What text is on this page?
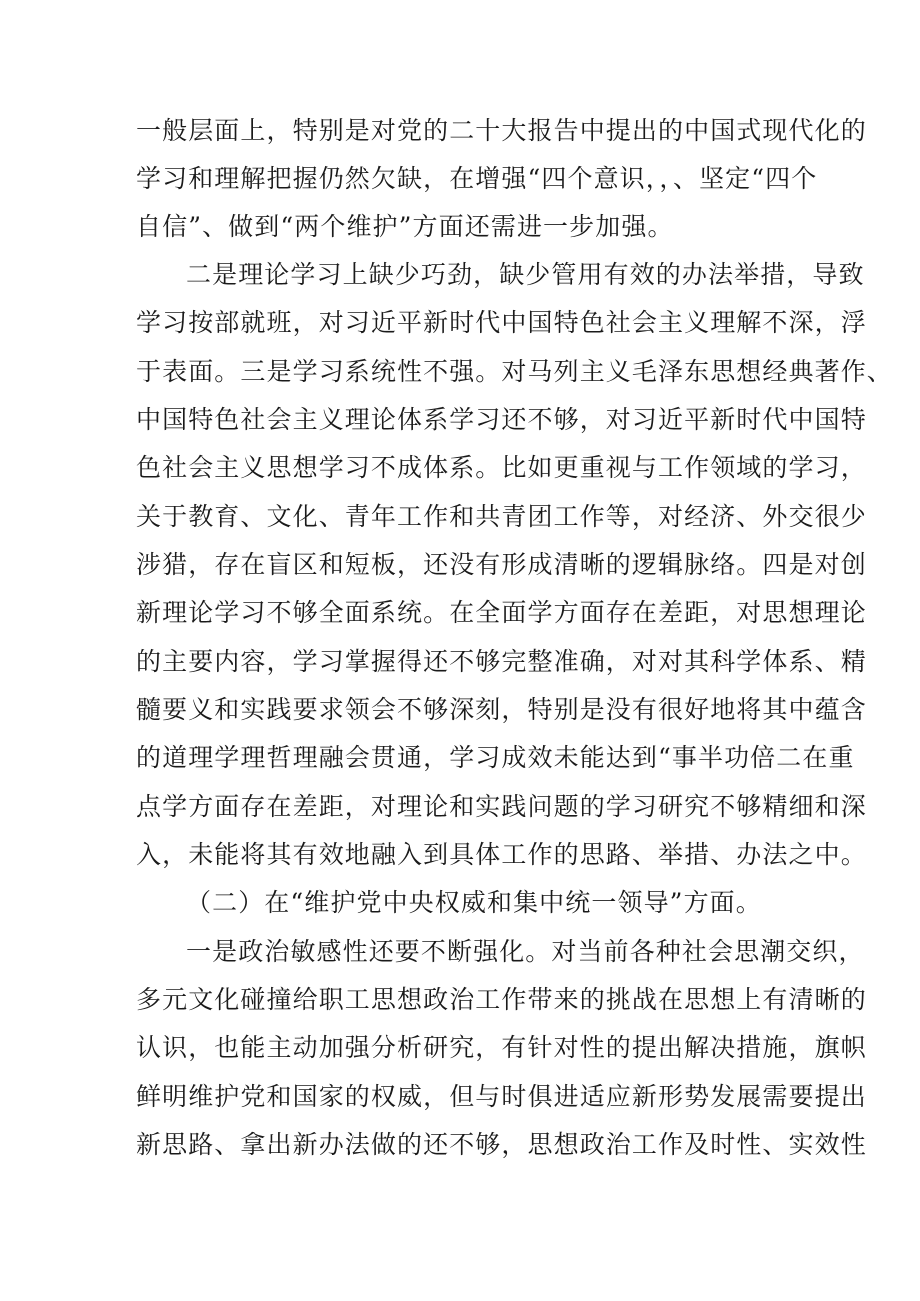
一般层面上，特别是对党的二十大报告中提出的中国式现代化的
学习和理解把握仍然欠缺，在增强“四个意识，，、坚定“四个
自信”、做到“两个维护”方面还需进一步加强。
二是理论学习上缺少巧劲，缺少管用有效的办法举措，导致
学习按部就班，对习近平新时代中国特色社会主义理解不深，浮
于表面。三是学习系统性不强。对马列主义毛泽东思想经典著作、
中国特色社会主义理论体系学习还不够，对习近平新时代中国特
色社会主义思想学习不成体系。比如更重视与工作领域的学习，
关于教育、文化、青年工作和共青团工作等，对经济、外交很少
涉猎，存在盲区和短板，还没有形成清晰的逻辑脉络。四是对创
新理论学习不够全面系统。在全面学方面存在差距，对思想理论
的主要内容，学习掌握得还不够完整准确，对对其科学体系、精
髓要义和实践要求领会不够深刻，特别是没有很好地将其中蕴含
的道理学理哲理融会贯通，学习成效未能达到“事半功倍二在重
点学方面存在差距，对理论和实践问题的学习研究不够精细和深
入，未能将其有效地融入到具体工作的思路、举措、办法之中。
（二）在“维护党中央权威和集中统一领导”方面。
一是政治敏感性还要不断强化。对当前各种社会思潮交织，
多元文化碰撞给职工思想政治工作带来的挑战在思想上有清晰的
认识，也能主动加强分析研究，有针对性的提出解决措施，旗帜
鲜明维护党和国家的权威，但与时俱进适应新形势发展需要提出
新思路、拿出新办法做的还不够，思想政治工作及时性、实效性
